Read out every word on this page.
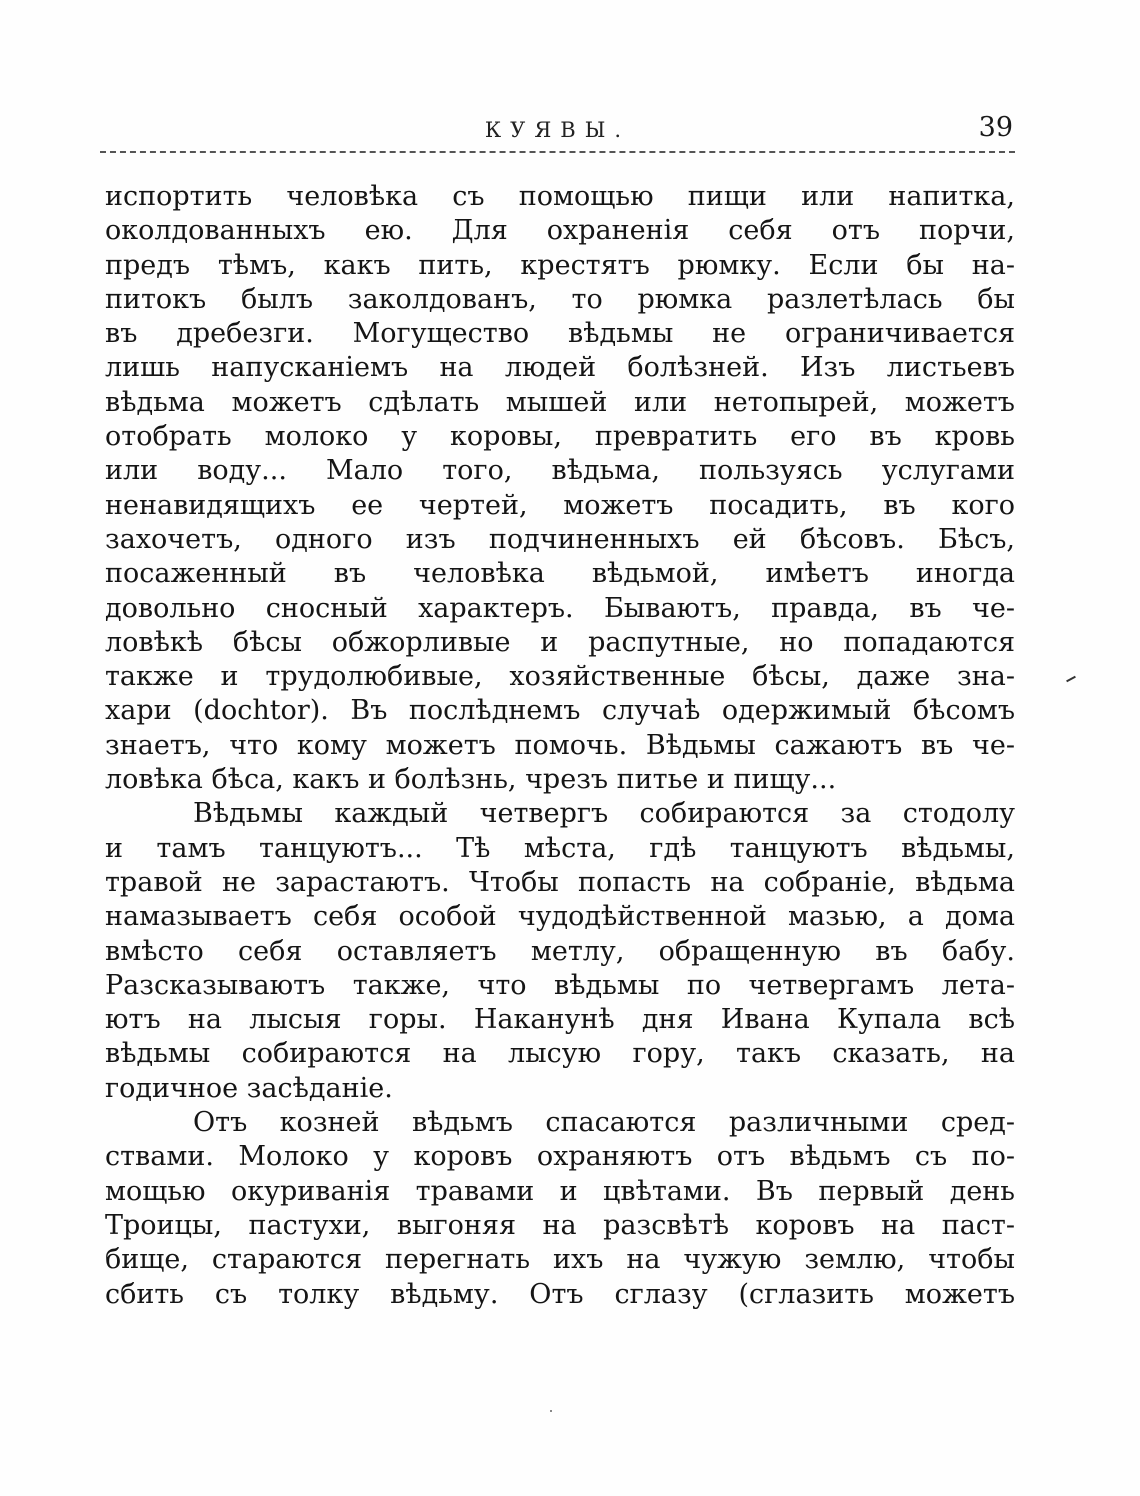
КУЯВЫ.	39
испортить человѣка съ помощью пищи или напитка,
околдованныхъ ею. Для охраненія себя отъ порчи,
предъ тѣмъ, какъ пить, крестятъ рюмку. Если бы на-
питокъ былъ заколдованъ, то рюмка разлетѣлась бы
въ дребезги. Могущество вѣдьмы не ограничивается
лишь напусканіемъ на людей болѣзней. Изъ листьевъ
вѣдьма можетъ сдѣлать мышей или нетопырей, можетъ
отобрать молоко у коровы, превратить его въ кровь
или воду... Мало того, вѣдьма, пользуясь услугами
ненавидящихъ ее чертей, можетъ посадить, въ кого
захочетъ, одного изъ подчиненныхъ ей бѣсовъ. Бѣсъ,
посаженный въ человѣка вѣдьмой, имѣетъ иногда
довольно сносный характеръ. Бываютъ, правда, въ че-
ловѣкѣ бѣсы обжорливые и распутные, но попадаются
также и трудолюбивые, хозяйственные бѣсы, даже зна-
хари (dochtor). Въ послѣднемъ случаѣ одержимый бѣсомъ
знаетъ, что кому можетъ помочь. Вѣдьмы сажаютъ въ че-
ловѣка бѣса, какъ и болѣзнь, чрезъ питье и пищу...
Вѣдьмы каждый четвергъ собираются за стодолу
и тамъ танцуютъ... Тѣ мѣста, гдѣ танцуютъ вѣдьмы,
травой не зарастаютъ. Чтобы попасть на собраніе, вѣдьма
намазываетъ себя особой чудодѣйственной мазью, а дома
вмѣсто себя оставляетъ метлу, обращенную въ бабу.
Разсказываютъ также, что вѣдьмы по четвергамъ лета-
ютъ на лысыя горы. Наканунѣ дня Ивана Купала всѣ
вѣдьмы собираются на лысую гору, такъ сказать, на
годичное засѣданіе.
Отъ козней вѣдьмъ спасаются различными сред-
ствами. Молоко у коровъ охраняютъ отъ вѣдьмъ съ по-
мощью окуриванія травами и цвѣтами. Въ первый день
Троицы, пастухи, выгоняя на разсвѣтѣ коровъ на паст-
бище, стараются перегнать ихъ на чужую землю, чтобы
сбить съ толку вѣдьму. Отъ сглазу (сглазить можетъ
